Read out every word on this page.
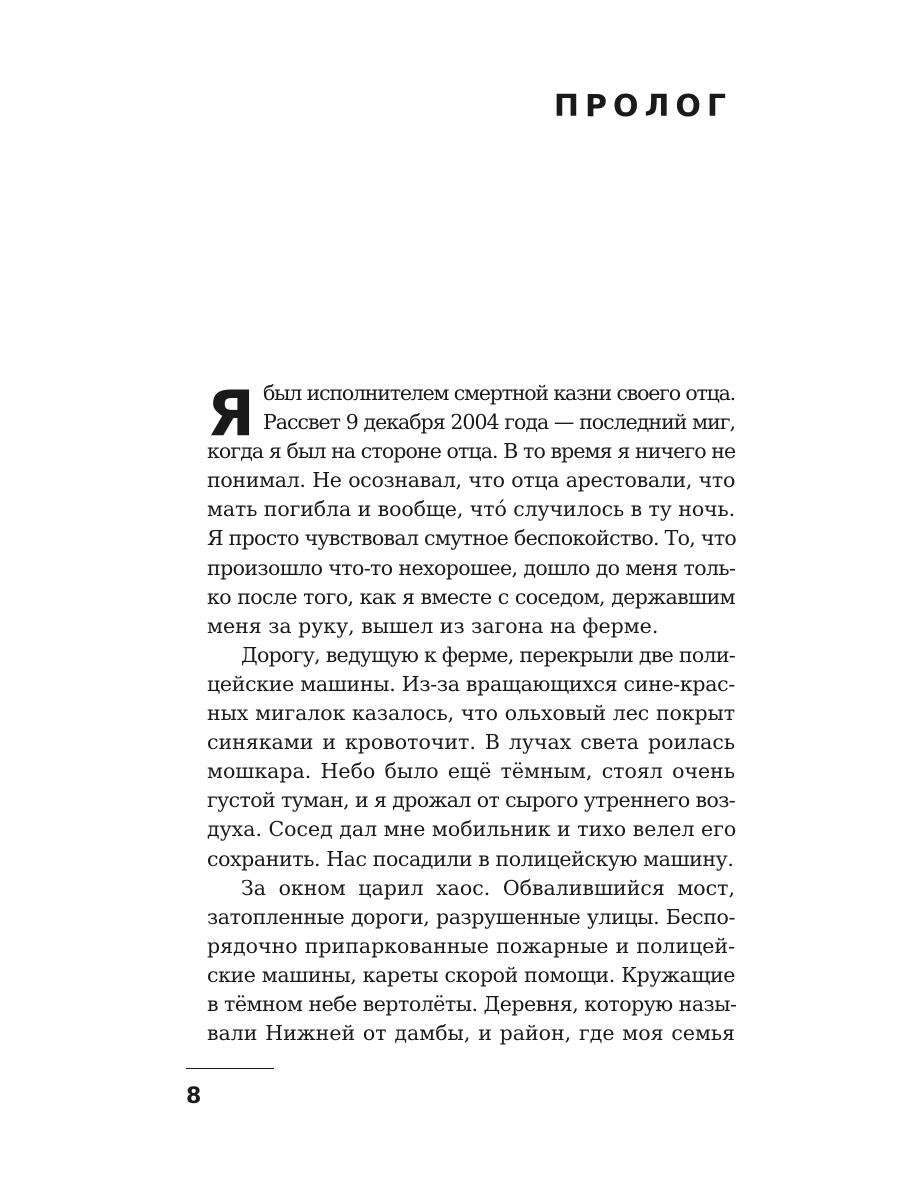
ПРОЛОГ
Я был исполнителем смертной казни своего отца.
Рассвет 9 декабря 2004 года — последний миг,
когда я был на стороне отца. В то время я ничего не
понимал. Не осознавал, что отца арестовали, что
мать погибла и вообще, чтó случилось в ту ночь.
Я просто чувствовал смутное беспокойство. То, что
произошло что-то нехорошее, дошло до меня толь-
ко после того, как я вместе с соседом, державшим
меня за руку, вышел из загона на ферме.
Дорогу, ведущую к ферме, перекрыли две поли-
цейские машины. Из-за вращающихся сине-крас-
ных мигалок казалось, что ольховый лес покрыт
синяками и кровоточит. В лучах света роилась
мошкара. Небо было ещё тёмным, стоял очень
густой туман, и я дрожал от сырого утреннего воз-
духа. Сосед дал мне мобильник и тихо велел его
сохранить. Нас посадили в полицейскую машину.
За окном царил хаос. Обвалившийся мост,
затопленные дороги, разрушенные улицы. Беспо-
рядочно припаркованные пожарные и полицей-
ские машины, кареты скорой помощи. Кружащие
в тёмном небе вертолёты. Деревня, которую назы-
вали Нижней от дамбы, и район, где моя семья
8
